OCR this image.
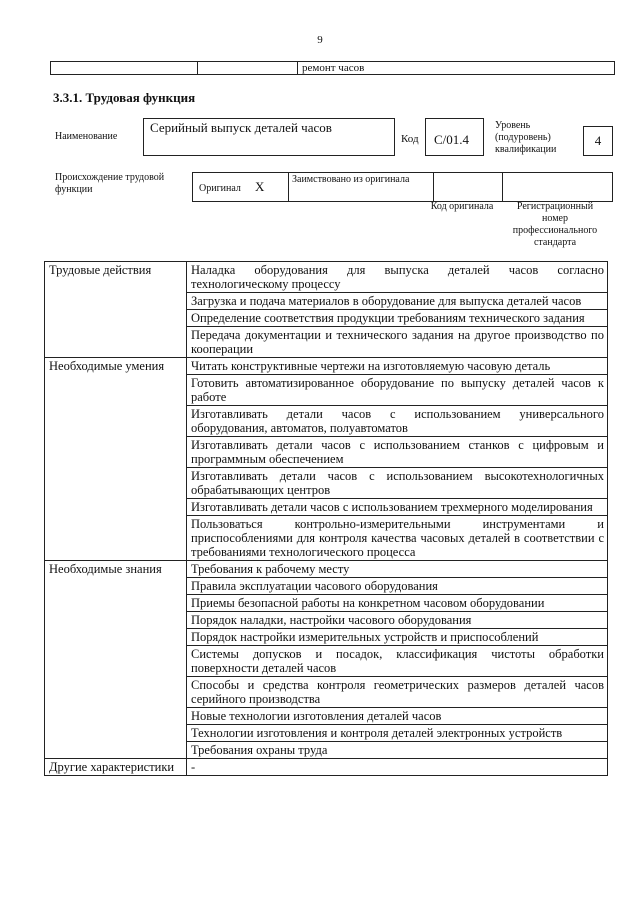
9
		ремонт часов
3.3.1. Трудовая функция
Наименование
Серийный выпуск деталей часов
Код	C/01.4
Уровень (подуровень) квалификации
4
Происхождение трудовой функции	Оригинал X	Заимствовано из оригинала		
Код оригинала	Регистрационный номер профессионального стандарта
Трудовые действия	Наладка оборудования для выпуска деталей часов согласно технологическому процессу
	Загрузка и подача материалов в оборудование для выпуска деталей часов
	Определение соответствия продукции требованиям технического задания
	Передача документации и технического задания на другое производство по кооперации
Необходимые умения	Читать конструктивные чертежи на изготовляемую часовую деталь
	Готовить автоматизированное оборудование по выпуску деталей часов к работе
	Изготавливать детали часов с использованием универсального оборудования, автоматов, полуавтоматов
	Изготавливать детали часов с использованием станков с цифровым и программным обеспечением
	Изготавливать детали часов с использованием высокотехнологичных обрабатывающих центров
	Изготавливать детали часов с использованием трехмерного моделирования
	Пользоваться контрольно-измерительными инструментами и приспособлениями для контроля качества часовых деталей в соответствии с требованиями технологического процесса
Необходимые знания	Требования к рабочему месту
	Правила эксплуатации часового оборудования
	Приемы безопасной работы на конкретном часовом оборудовании
	Порядок наладки, настройки часового оборудования
	Порядок настройки измерительных устройств и приспособлений
	Системы допусков и посадок, классификация чистоты обработки поверхности деталей часов
	Способы и средства контроля геометрических размеров деталей часов серийного производства
	Новые технологии изготовления деталей часов
	Технологии изготовления и контроля деталей электронных устройств
	Требования охраны труда
Другие характеристики	-
